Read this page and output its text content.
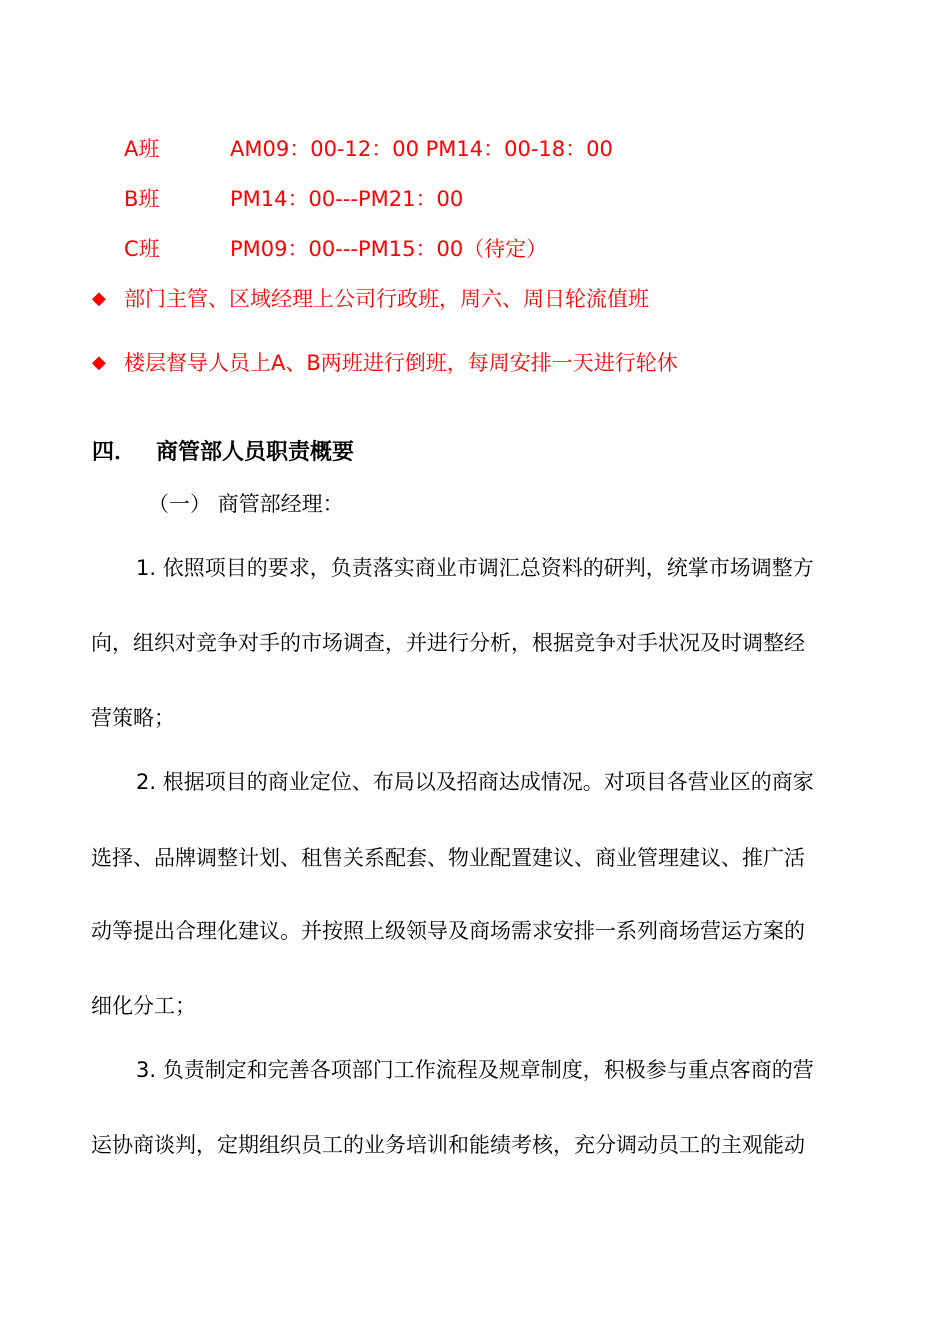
A班	AM09：00-12：00 PM14：00-18：00
B班	PM14：00---PM21：00
C班	PM09：00---PM15：00（待定）
◆ 部门主管、区域经理上公司行政班，周六、周日轮流值班
◆ 楼层督导人员上A、B两班进行倒班，每周安排一天进行轮休
四． 商管部人员职责概要
（一） 商管部经理：
1. 依照项目的要求，负责落实商业市调汇总资料的研判，统掌市场调整方
向，组织对竞争对手的市场调查，并进行分析，根据竞争对手状况及时调整经
营策略；
2. 根据项目的商业定位、布局以及招商达成情况。对项目各营业区的商家
选择、品牌调整计划、租售关系配套、物业配置建议、商业管理建议、推广活
动等提出合理化建议。并按照上级领导及商场需求安排一系列商场营运方案的
细化分工；
3. 负责制定和完善各项部门工作流程及规章制度，积极参与重点客商的营
运协商谈判，定期组织员工的业务培训和能绩考核，充分调动员工的主观能动
